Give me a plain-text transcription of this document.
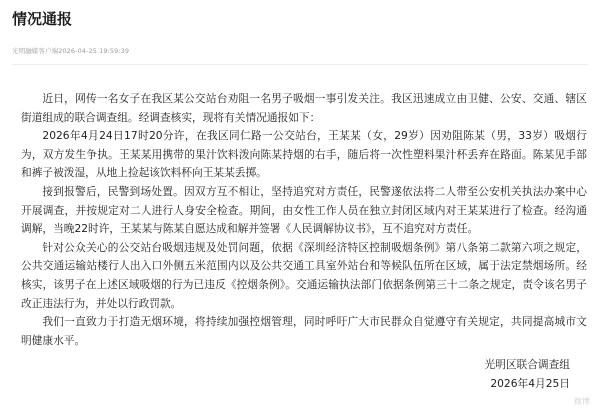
情况通报
光明融媒客户端2026-04-25 19:59:39

近日，网传一名女子在我区某公交站台劝阻一名男子吸烟一事引发关注。我区迅速成立由卫健、公安、交通、辖区街道组成的联合调查组。经调查核实，现将有关情况通报如下：

2026年4月24日17时20分许，在我区同仁路一公交站台，王某某（女，29岁）因劝阻陈某（男，33岁）吸烟行为，双方发生争执。王某某用携带的果汁饮料泼向陈某持烟的右手，随后将一次性塑料果汁杯丢弃在路面。陈某见手部和裤子被泼湿，从地上捡起该饮料杯向王某某丢掷。

接到报警后，民警到场处置。因双方互不相让，坚持追究对方责任，民警遂依法将二人带至公安机关执法办案中心开展调查，并按规定对二人进行人身安全检查。期间，由女性工作人员在独立封闭区域内对王某某进行了检查。经沟通调解，当晚22时许，王某某与陈某自愿达成和解并签署《人民调解协议书》，互不追究对方责任。

针对公众关心的公交站台吸烟违规及处罚问题，依据《深圳经济特区控制吸烟条例》第八条第二款第六项之规定，公共交通运输站楼行人出入口外侧五米范围内以及公共交通工具室外站台和等候队伍所在区域，属于法定禁烟场所。经核实，该男子在上述区域吸烟的行为已违反《控烟条例》。交通运输执法部门依据条例第三十二条之规定，责令该名男子改正违法行为，并处以行政罚款。

我们一直致力于打造无烟环境，将持续加强控烟管理，同时呼吁广大市民群众自觉遵守有关规定，共同提高城市文明健康水平。

光明区联合调查组
2026年4月25日
微博
